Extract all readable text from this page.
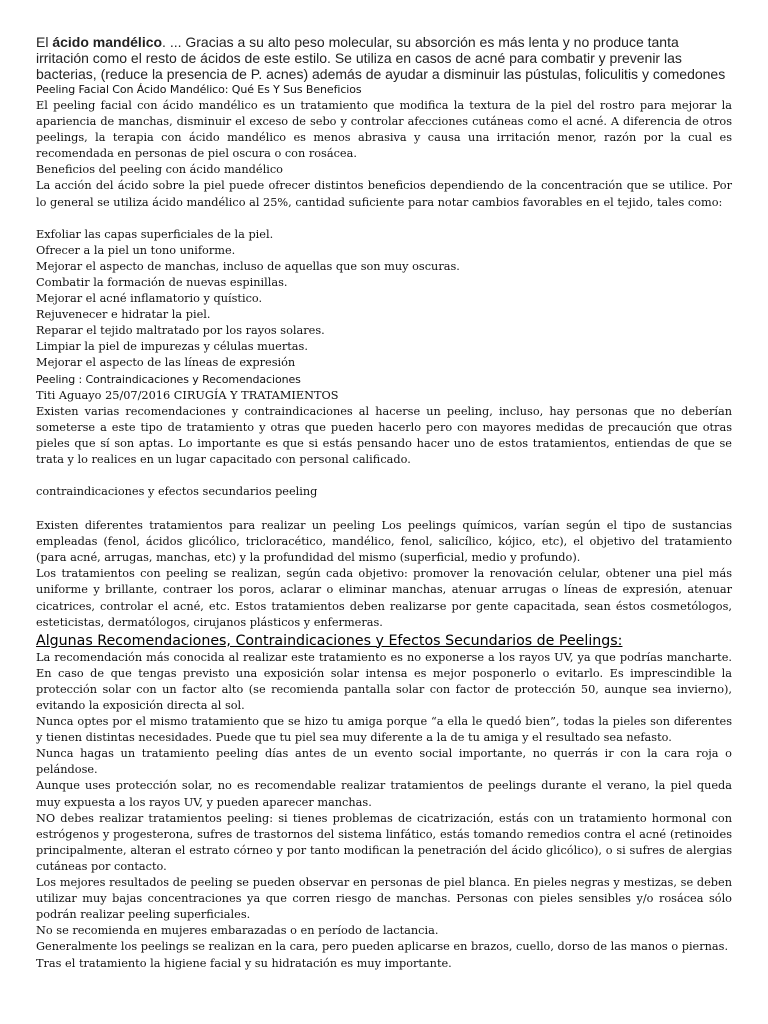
El ácido mandélico. ... Gracias a su alto peso molecular, su absorción es más lenta y no produce tanta irritación como el resto de ácidos de este estilo. Se utiliza en casos de acné para combatir y prevenir las bacterias, (reduce la presencia de P. acnes) además de ayudar a disminuir las pústulas, foliculitis y comedones

Peeling Facial Con Ácido Mandélico: Qué Es Y Sus Beneficios

El peeling facial con ácido mandélico es un tratamiento que modifica la textura de la piel del rostro para mejorar la apariencia de manchas, disminuir el exceso de sebo y controlar afecciones cutáneas como el acné. A diferencia de otros peelings, la terapia con ácido mandélico es menos abrasiva y causa una irritación menor, razón por la cual es recomendada en personas de piel oscura o con rosácea.

Beneficios del peeling con ácido mandélico

La acción del ácido sobre la piel puede ofrecer distintos beneficios dependiendo de la concentración que se utilice. Por lo general se utiliza ácido mandélico al 25%, cantidad suficiente para notar cambios favorables en el tejido, tales como:

Exfoliar las capas superficiales de la piel.

Ofrecer a la piel un tono uniforme.

Mejorar el aspecto de manchas, incluso de aquellas que son muy oscuras.

Combatir la formación de nuevas espinillas.

Mejorar el acné inflamatorio y quístico.

Rejuvenecer e hidratar la piel.

Reparar el tejido maltratado por los rayos solares.

Limpiar la piel de impurezas y células muertas.

Mejorar el aspecto de las líneas de expresión

Peeling : Contraindicaciones y Recomendaciones

Titi Aguayo 25/07/2016 CIRUGÍA Y TRATAMIENTOS

Existen varias recomendaciones y contraindicaciones al hacerse un peeling, incluso, hay personas que no deberían someterse a este tipo de tratamiento y otras que pueden hacerlo pero con mayores medidas de precaución que otras pieles que sí son aptas. Lo importante es que si estás pensando hacer uno de estos tratamientos, entiendas de que se trata y lo realices en un lugar capacitado con personal calificado.

contraindicaciones y efectos secundarios peeling

Existen diferentes tratamientos para realizar un peeling Los peelings químicos, varían según el tipo de sustancias empleadas (fenol, ácidos glicólico, tricloracético, mandélico, fenol, salicílico, kójico, etc), el objetivo del tratamiento (para acné, arrugas, manchas, etc) y la profundidad del mismo (superficial, medio y profundo).

Los tratamientos con peeling se realizan, según cada objetivo: promover la renovación celular, obtener una piel más uniforme y brillante, contraer los poros, aclarar o eliminar manchas, atenuar arrugas o líneas de expresión, atenuar cicatrices, controlar el acné, etc. Estos tratamientos deben realizarse por gente capacitada, sean éstos cosmetólogos, esteticistas, dermatólogos, cirujanos plásticos y enfermeras.

Algunas Recomendaciones, Contraindicaciones y Efectos Secundarios de Peelings:

La recomendación más conocida al realizar este tratamiento es no exponerse a los rayos UV, ya que podrías mancharte. En caso de que tengas previsto una exposición solar intensa es mejor posponerlo o evitarlo. Es imprescindible la protección solar con un factor alto (se recomienda pantalla solar con factor de protección 50, aunque sea invierno), evitando la exposición directa al sol.

Nunca optes por el mismo tratamiento que se hizo tu amiga porque “a ella le quedó bien”, todas la pieles son diferentes y tienen distintas necesidades. Puede que tu piel sea muy diferente a la de tu amiga y el resultado sea nefasto.

Nunca hagas un tratamiento peeling días antes de un evento social importante, no querrás ir con la cara roja o pelándose.

Aunque uses protección solar, no es recomendable realizar tratamientos de peelings durante el verano, la piel queda muy expuesta a los rayos UV, y pueden aparecer manchas.

NO debes realizar tratamientos peeling: si tienes problemas de cicatrización, estás con un tratamiento hormonal con estrógenos y progesterona, sufres de trastornos del sistema linfático, estás tomando remedios contra el acné (retinoides principalmente, alteran el estrato córneo y por tanto modifican la penetración del ácido glicólico), o si sufres de alergias cutáneas por contacto.

Los mejores resultados de peeling se pueden observar en personas de piel blanca. En pieles negras y mestizas, se deben utilizar muy bajas concentraciones ya que corren riesgo de manchas. Personas con pieles sensibles y/o rosácea sólo podrán realizar peeling superficiales.

No se recomienda en mujeres embarazadas o en período de lactancia.

Generalmente los peelings se realizan en la cara, pero pueden aplicarse en brazos, cuello, dorso de las manos o piernas.

Tras el tratamiento la higiene facial y su hidratación es muy importante.
